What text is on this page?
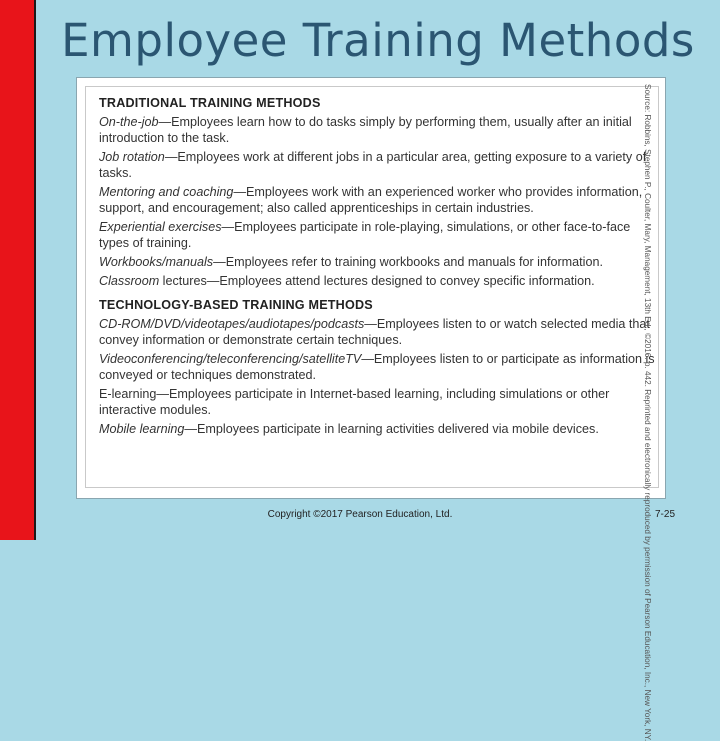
Employee Training Methods
TRADITIONAL TRAINING METHODS
On-the-job—Employees learn how to do tasks simply by performing them, usually after an initial introduction to the task.
Job rotation—Employees work at different jobs in a particular area, getting exposure to a variety of tasks.
Mentoring and coaching—Employees work with an experienced worker who provides information, support, and encouragement; also called apprenticeships in certain industries.
Experiential exercises—Employees participate in role-playing, simulations, or other face-to-face types of training.
Workbooks/manuals—Employees refer to training workbooks and manuals for information.
Classroom lectures—Employees attend lectures designed to convey specific information.
TECHNOLOGY-BASED TRAINING METHODS
CD-ROM/DVD/videotapes/audiotapes/podcasts—Employees listen to or watch selected media that convey information or demonstrate certain techniques.
Videoconferencing/teleconferencing/satelliteTV—Employees listen to or participate as information is conveyed or techniques demonstrated.
E-learning—Employees participate in Internet-based learning, including simulations or other interactive modules.
Mobile learning—Employees participate in learning activities delivered via mobile devices.	Source: Robbins, Stephen P., Coulter, Mary, Management, 13th Ed., ©2016. p. 442. Reprinted and electronically reproduced by permission of Pearson Education, Inc., New York, NY.
Copyright ©2017 Pearson Education, Ltd.	7-25
